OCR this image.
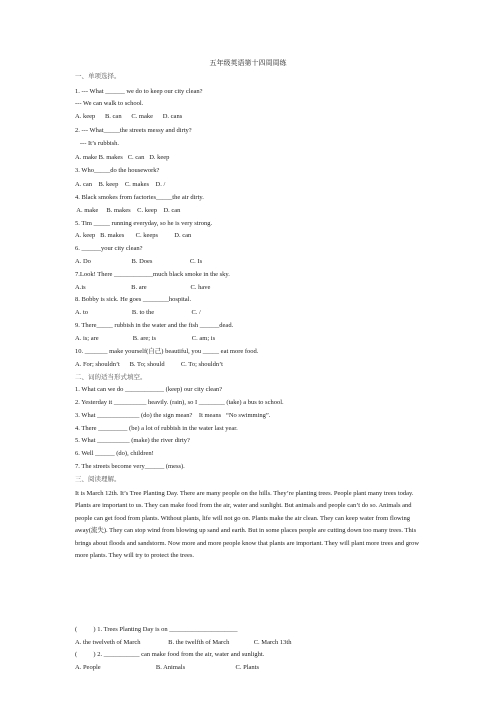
五年级英语第十四周周练
一、单项选择。
1. --- What ______ we do to keep our city clean?
--- We can walk to school.
A. keep      B. can      C. make      D. cans
2. --- What_____the streets messy and dirty?
--- It’s rubbish.
A. make B. makes   C. can   D. keep
3. Who_____do the housework?
A. can    B. keep    C. makes    D. /
4. Black smokes from factories_____the air dirty.
A. make     B. makes    C. keep    D. can
5. Tim _____ running everyday, so he is very strong.
A. keep   B. makes       C. keeps          D. can
6. ______your city clean?
A. Do                         B. Does                       C. Is
7.Look! There ____________much black smoke in the sky.
A.is                            B. are                           C. have
8. Bobby is sick. He goes ________hospital.
A. to                           B. to the                       C. /
9. There_____ rubbish in the water and the fish ______dead.
A. is; are                     B. are; is                      C. am; is
10. _______ make yourself(自己) beautiful, you _____ eat more food.
A. For; shouldn’t      B. To; should          C. To; shouldn’t
二、词的适当形式填空。
1. What can we do ____________ (keep) our city clean?
2. Yesterday it __________ heavily. (rain), so I ________ (take) a bus to school.
3. What _____________ (do) the sign mean?    It means   “No swimming”.
4. There _________ (be) a lot of rubbish in the water last year.
5. What __________ (make) the river dirty?
6. Well ______ (do), children!
7. The streets become very______ (mess).
三、阅读理解。
It is March 12th. It’s Tree Planting Day. There are many people on the hills. They’re planting trees. People plant many trees today. Plants are important to us. They can make food from the air, water and sunlight. But animals and people can’t do so. Animals and people can get food from plants. Without plants, life will not go on. Plants make the air clean. They can keep water from flowing away(流失). They can stop wind from blowing up sand and earth. But in some places people are cutting down too many trees. This brings about floods and sandstorm. Now more and more people know that plants are important. They will plant more trees and grow more plants. They will try to protect the trees.
(          ) 1. Trees Planting Day is on _____________________
A. the twelveth of March                 B. the twelfth of March               C. March 13th
(          ) 2. ___________ can make food from the air, water and sunlight.
A. People                                  B. Animals                               C. Plants
